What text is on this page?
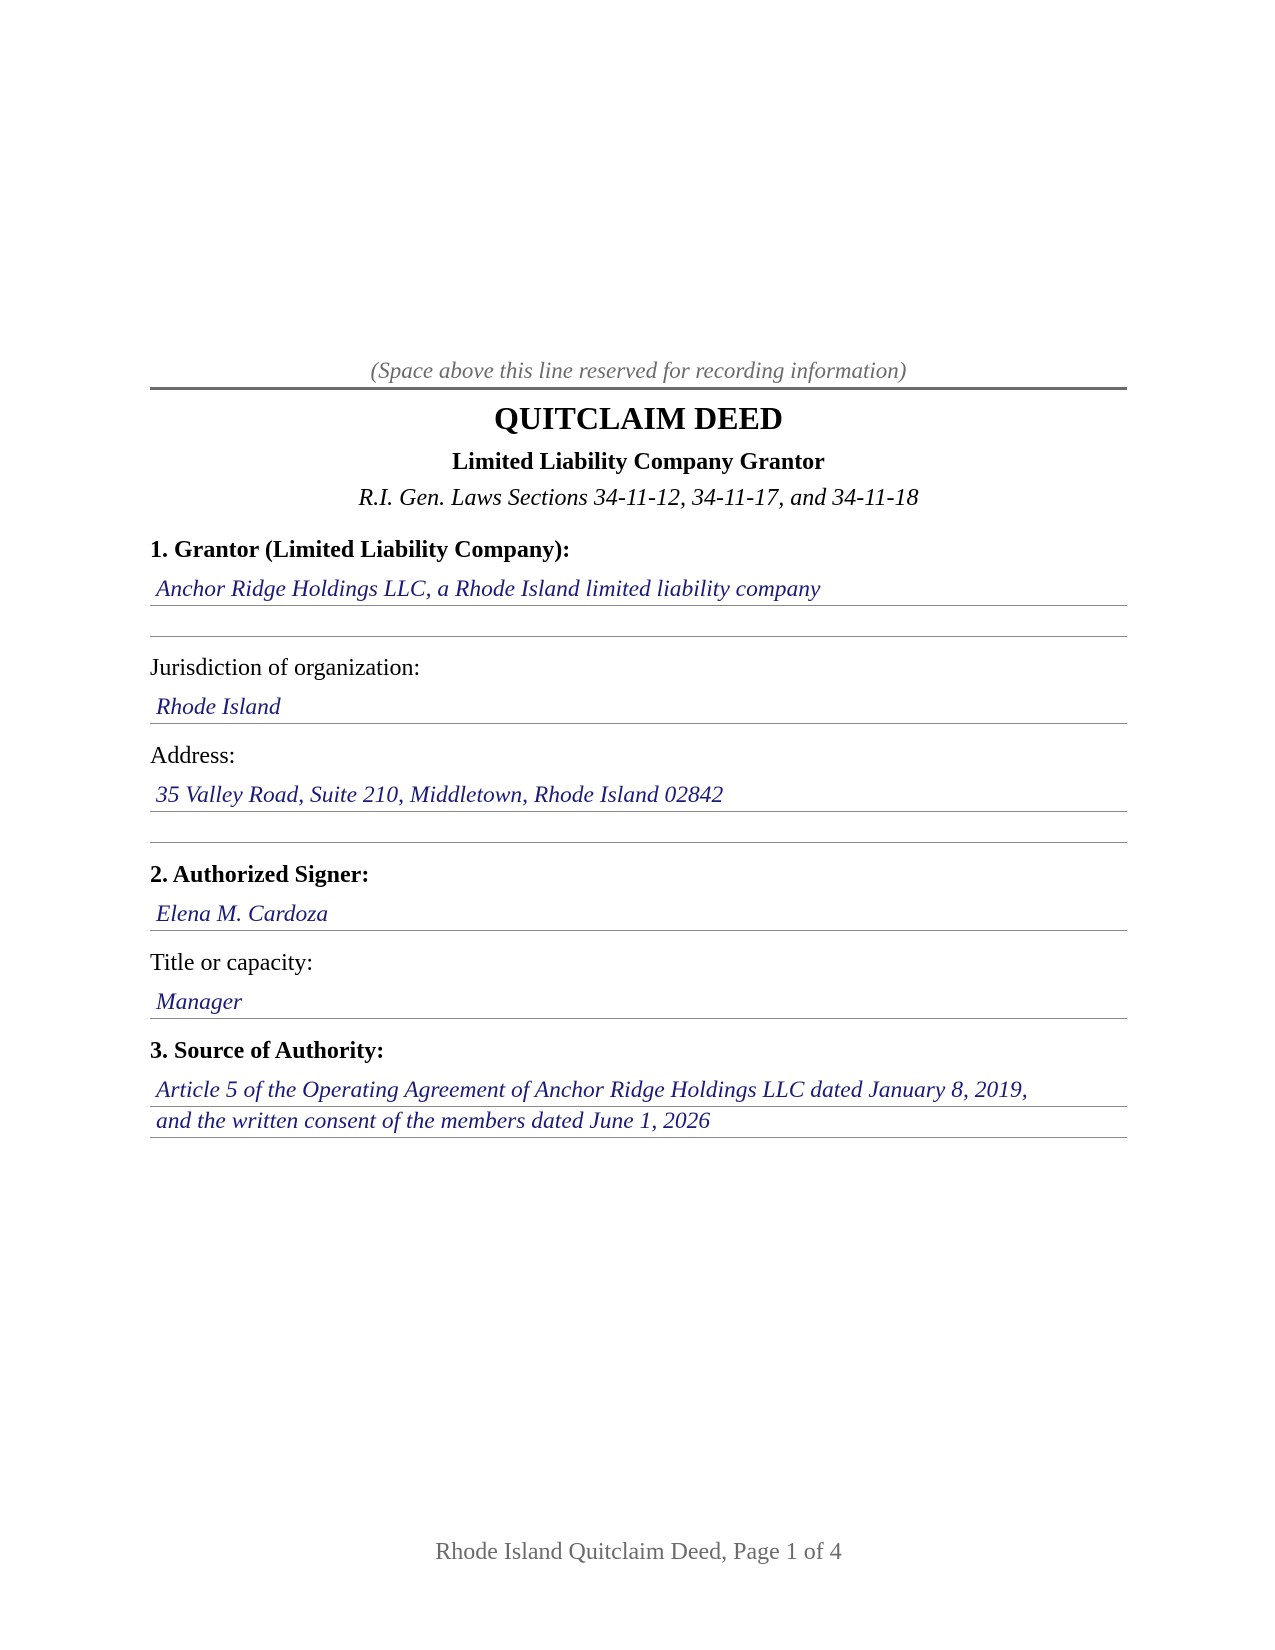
(Space above this line reserved for recording information)
QUITCLAIM DEED
Limited Liability Company Grantor
R.I. Gen. Laws Sections 34-11-12, 34-11-17, and 34-11-18
1. Grantor (Limited Liability Company):
Anchor Ridge Holdings LLC, a Rhode Island limited liability company
Jurisdiction of organization:
Rhode Island
Address:
35 Valley Road, Suite 210, Middletown, Rhode Island 02842
2. Authorized Signer:
Elena M. Cardoza
Title or capacity:
Manager
3. Source of Authority:
Article 5 of the Operating Agreement of Anchor Ridge Holdings LLC dated January 8, 2019,
and the written consent of the members dated June 1, 2026
Rhode Island Quitclaim Deed, Page 1 of 4
